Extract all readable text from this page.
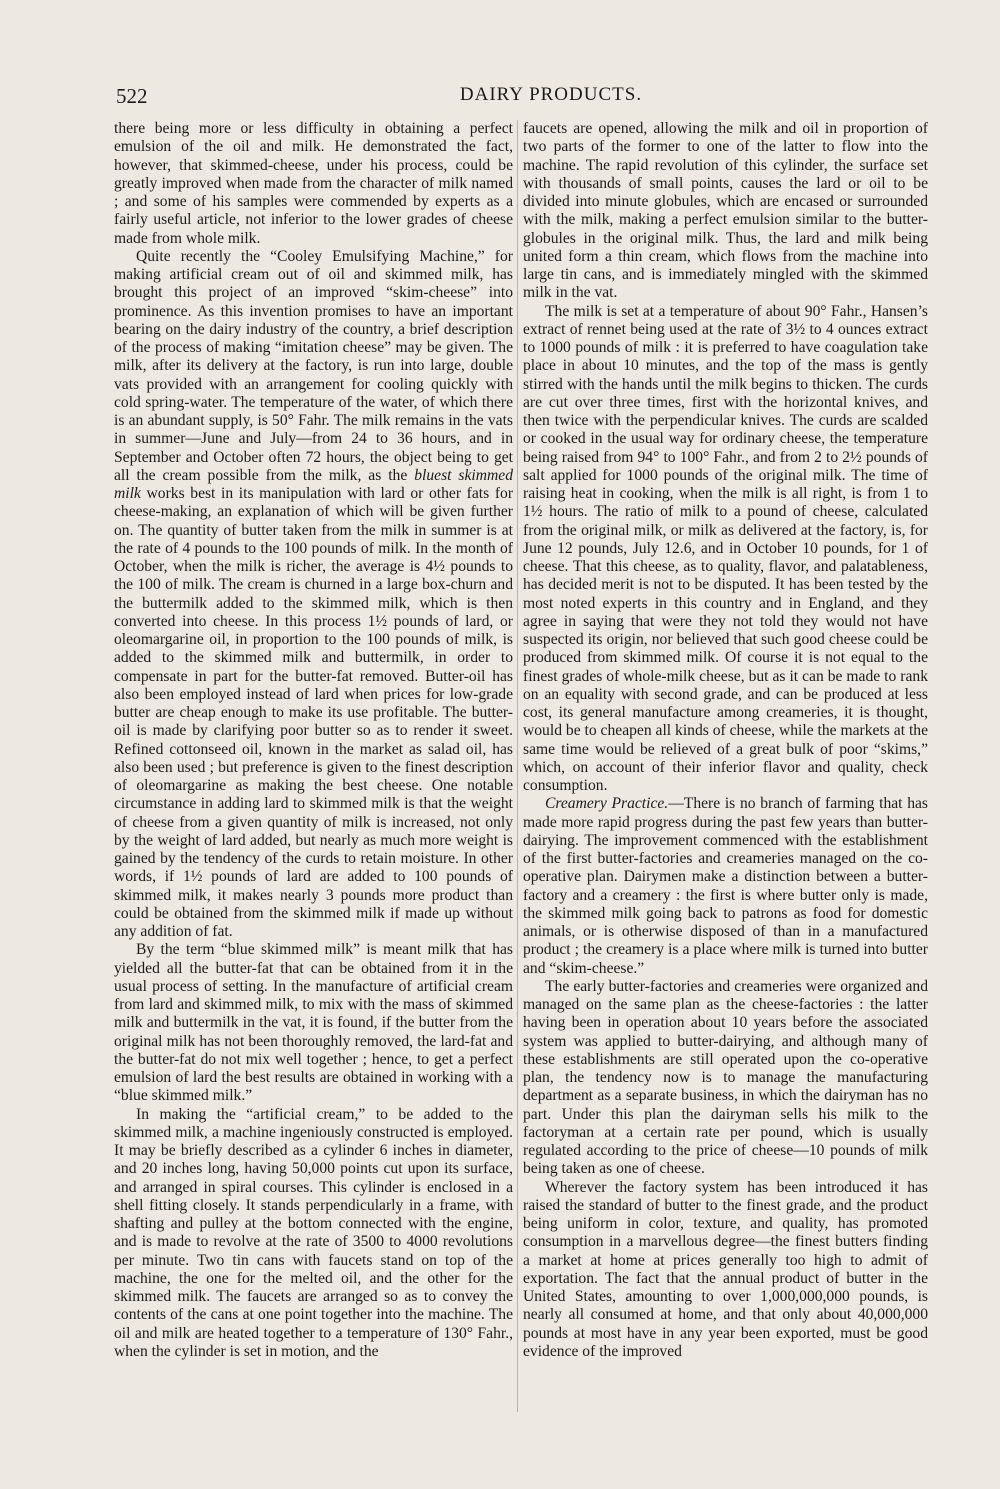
522	DAIRY PRODUCTS.

there being more or less difficulty in obtaining a perfect emulsion of the oil and milk. He demonstrated the fact, however, that skimmed-cheese, under his process, could be greatly improved when made from the character of milk named ; and some of his samples were commended by experts as a fairly useful article, not inferior to the lower grades of cheese made from whole milk.

Quite recently the “Cooley Emulsifying Machine,” for making artificial cream out of oil and skimmed milk, has brought this project of an improved “skim-cheese” into prominence. As this invention promises to have an important bearing on the dairy industry of the country, a brief description of the process of making “imitation cheese” may be given. The milk, after its delivery at the factory, is run into large, double vats provided with an arrangement for cooling quickly with cold spring-water. The temperature of the water, of which there is an abundant supply, is 50° Fahr. The milk remains in the vats in summer—June and July—from 24 to 36 hours, and in September and October often 72 hours, the object being to get all the cream possible from the milk, as the bluest skimmed milk works best in its manipulation with lard or other fats for cheese-making, an explanation of which will be given further on. The quantity of butter taken from the milk in summer is at the rate of 4 pounds to the 100 pounds of milk. In the month of October, when the milk is richer, the average is 4½ pounds to the 100 of milk. The cream is churned in a large box-churn and the buttermilk added to the skimmed milk, which is then converted into cheese. In this process 1½ pounds of lard, or oleomargarine oil, in proportion to the 100 pounds of milk, is added to the skimmed milk and buttermilk, in order to compensate in part for the butter-fat removed. Butter-oil has also been employed instead of lard when prices for low-grade butter are cheap enough to make its use profitable. The butter-oil is made by clarifying poor butter so as to render it sweet. Refined cottonseed oil, known in the market as salad oil, has also been used ; but preference is given to the finest description of oleomargarine as making the best cheese. One notable circumstance in adding lard to skimmed milk is that the weight of cheese from a given quantity of milk is increased, not only by the weight of lard added, but nearly as much more weight is gained by the tendency of the curds to retain moisture. In other words, if 1½ pounds of lard are added to 100 pounds of skimmed milk, it makes nearly 3 pounds more product than could be obtained from the skimmed milk if made up without any addition of fat.

By the term “blue skimmed milk” is meant milk that has yielded all the butter-fat that can be obtained from it in the usual process of setting. In the manufacture of artificial cream from lard and skimmed milk, to mix with the mass of skimmed milk and buttermilk in the vat, it is found, if the butter from the original milk has not been thoroughly removed, the lard-fat and the butter-fat do not mix well together ; hence, to get a perfect emulsion of lard the best results are obtained in working with a “blue skimmed milk.”

In making the “artificial cream,” to be added to the skimmed milk, a machine ingeniously constructed is employed. It may be briefly described as a cylinder 6 inches in diameter, and 20 inches long, having 50,000 points cut upon its surface, and arranged in spiral courses. This cylinder is enclosed in a shell fitting closely. It stands perpendicularly in a frame, with shafting and pulley at the bottom connected with the engine, and is made to revolve at the rate of 3500 to 4000 revolutions per minute. Two tin cans with faucets stand on top of the machine, the one for the melted oil, and the other for the skimmed milk. The faucets are arranged so as to convey the contents of the cans at one point together into the machine. The oil and milk are heated together to a temperature of 130° Fahr., when the cylinder is set in motion, and the

faucets are opened, allowing the milk and oil in proportion of two parts of the former to one of the latter to flow into the machine. The rapid revolution of this cylinder, the surface set with thousands of small points, causes the lard or oil to be divided into minute globules, which are encased or surrounded with the milk, making a perfect emulsion similar to the butter-globules in the original milk. Thus, the lard and milk being united form a thin cream, which flows from the machine into large tin cans, and is immediately mingled with the skimmed milk in the vat.

The milk is set at a temperature of about 90° Fahr., Hansen’s extract of rennet being used at the rate of 3½ to 4 ounces extract to 1000 pounds of milk : it is preferred to have coagulation take place in about 10 minutes, and the top of the mass is gently stirred with the hands until the milk begins to thicken. The curds are cut over three times, first with the horizontal knives, and then twice with the perpendicular knives. The curds are scalded or cooked in the usual way for ordinary cheese, the temperature being raised from 94° to 100° Fahr., and from 2 to 2½ pounds of salt applied for 1000 pounds of the original milk. The time of raising heat in cooking, when the milk is all right, is from 1 to 1½ hours. The ratio of milk to a pound of cheese, calculated from the original milk, or milk as delivered at the factory, is, for June 12 pounds, July 12.6, and in October 10 pounds, for 1 of cheese. That this cheese, as to quality, flavor, and palatableness, has decided merit is not to be disputed. It has been tested by the most noted experts in this country and in England, and they agree in saying that were they not told they would not have suspected its origin, nor believed that such good cheese could be produced from skimmed milk. Of course it is not equal to the finest grades of whole-milk cheese, but as it can be made to rank on an equality with second grade, and can be produced at less cost, its general manufacture among creameries, it is thought, would be to cheapen all kinds of cheese, while the markets at the same time would be relieved of a great bulk of poor “skims,” which, on account of their inferior flavor and quality, check consumption.

Creamery Practice.—There is no branch of farming that has made more rapid progress during the past few years than butter-dairying. The improvement commenced with the establishment of the first butter-factories and creameries managed on the co-operative plan. Dairymen make a distinction between a butter-factory and a creamery : the first is where butter only is made, the skimmed milk going back to patrons as food for domestic animals, or is otherwise disposed of than in a manufactured product ; the creamery is a place where milk is turned into butter and “skim-cheese.”

The early butter-factories and creameries were organized and managed on the same plan as the cheese-factories : the latter having been in operation about 10 years before the associated system was applied to butter-dairying, and although many of these establishments are still operated upon the co-operative plan, the tendency now is to manage the manufacturing department as a separate business, in which the dairyman has no part. Under this plan the dairyman sells his milk to the factoryman at a certain rate per pound, which is usually regulated according to the price of cheese—10 pounds of milk being taken as one of cheese.

Wherever the factory system has been introduced it has raised the standard of butter to the finest grade, and the product being uniform in color, texture, and quality, has promoted consumption in a marvellous degree—the finest butters finding a market at home at prices generally too high to admit of exportation. The fact that the annual product of butter in the United States, amounting to over 1,000,000,000 pounds, is nearly all consumed at home, and that only about 40,000,000 pounds at most have in any year been exported, must be good evidence of the improved
